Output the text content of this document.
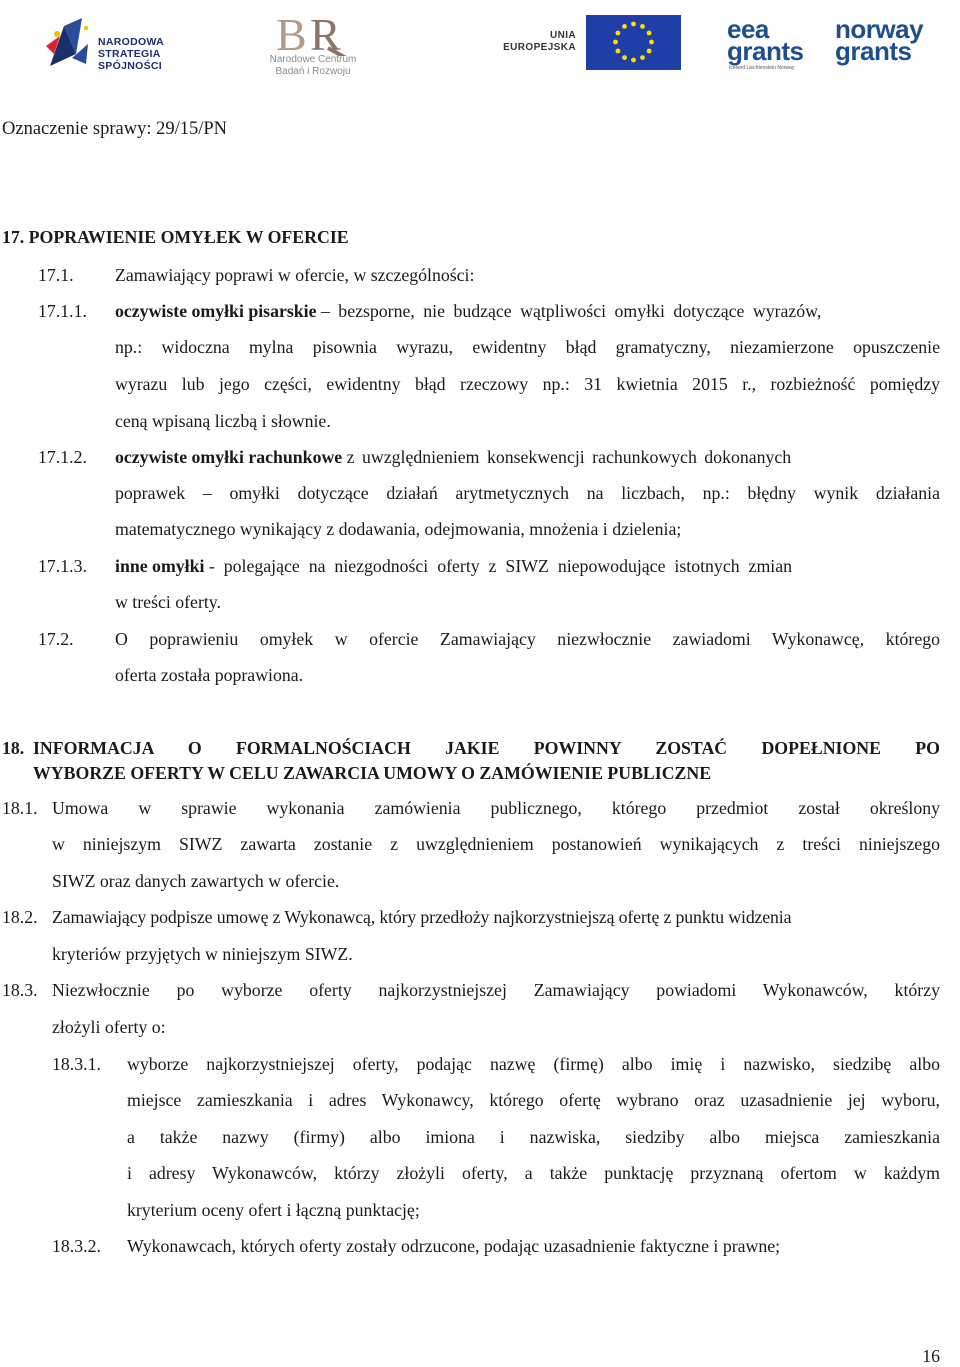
NARODOWA STRATEGIA SPÓJNOŚCI
B R
Narodowe Centrum Badań i Rozwoju
UNIA EUROPEJSKA
eea grants
Iceland Liechtenstein Norway
norway grants
Oznaczenie sprawy: 29/15/PN
17. POPRAWIENIE OMYŁEK W OFERCIE
17.1. Zamawiający poprawi w ofercie, w szczególności:
17.1.1. oczywiste omyłki pisarskie – bezsporne, nie budzące wątpliwości omyłki dotyczące wyrazów,
np.: widoczna mylna pisownia wyrazu, ewidentny błąd gramatyczny, niezamierzone opuszczenie
wyrazu lub jego części, ewidentny błąd rzeczowy np.: 31 kwietnia 2015 r., rozbieżność pomiędzy
ceną wpisaną liczbą i słownie.
17.1.2. oczywiste omyłki rachunkowe z uwzględnieniem konsekwencji rachunkowych dokonanych
poprawek – omyłki dotyczące działań arytmetycznych na liczbach, np.: błędny wynik działania
matematycznego wynikający z dodawania, odejmowania, mnożenia i dzielenia;
17.1.3. inne omyłki - polegające na niezgodności oferty z SIWZ niepowodujące istotnych zmian
w treści oferty.
17.2. O poprawieniu omyłek w ofercie Zamawiający niezwłocznie zawiadomi Wykonawcę, którego
oferta została poprawiona.
18. INFORMACJA O FORMALNOŚCIACH JAKIE POWINNY ZOSTAĆ DOPEŁNIONE PO
WYBORZE OFERTY W CELU ZAWARCIA UMOWY O ZAMÓWIENIE PUBLICZNE
18.1. Umowa w sprawie wykonania zamówienia publicznego, którego przedmiot został określony
w niniejszym SIWZ zawarta zostanie z uwzględnieniem postanowień wynikających z treści niniejszego
SIWZ oraz danych zawartych w ofercie.
18.2. Zamawiający podpisze umowę z Wykonawcą, który przedłoży najkorzystniejszą ofertę z punktu widzenia
kryteriów przyjętych w niniejszym SIWZ.
18.3. Niezwłocznie po wyborze oferty najkorzystniejszej Zamawiający powiadomi Wykonawców, którzy
złożyli oferty o:
18.3.1. wyborze najkorzystniejszej oferty, podając nazwę (firmę) albo imię i nazwisko, siedzibę albo
miejsce zamieszkania i adres Wykonawcy, którego ofertę wybrano oraz uzasadnienie jej wyboru,
a także nazwy (firmy) albo imiona i nazwiska, siedziby albo miejsca zamieszkania
i adresy Wykonawców, którzy złożyli oferty, a także punktację przyznaną ofertom w każdym
kryterium oceny ofert i łączną punktację;
18.3.2. Wykonawcach, których oferty zostały odrzucone, podając uzasadnienie faktyczne i prawne;
16
